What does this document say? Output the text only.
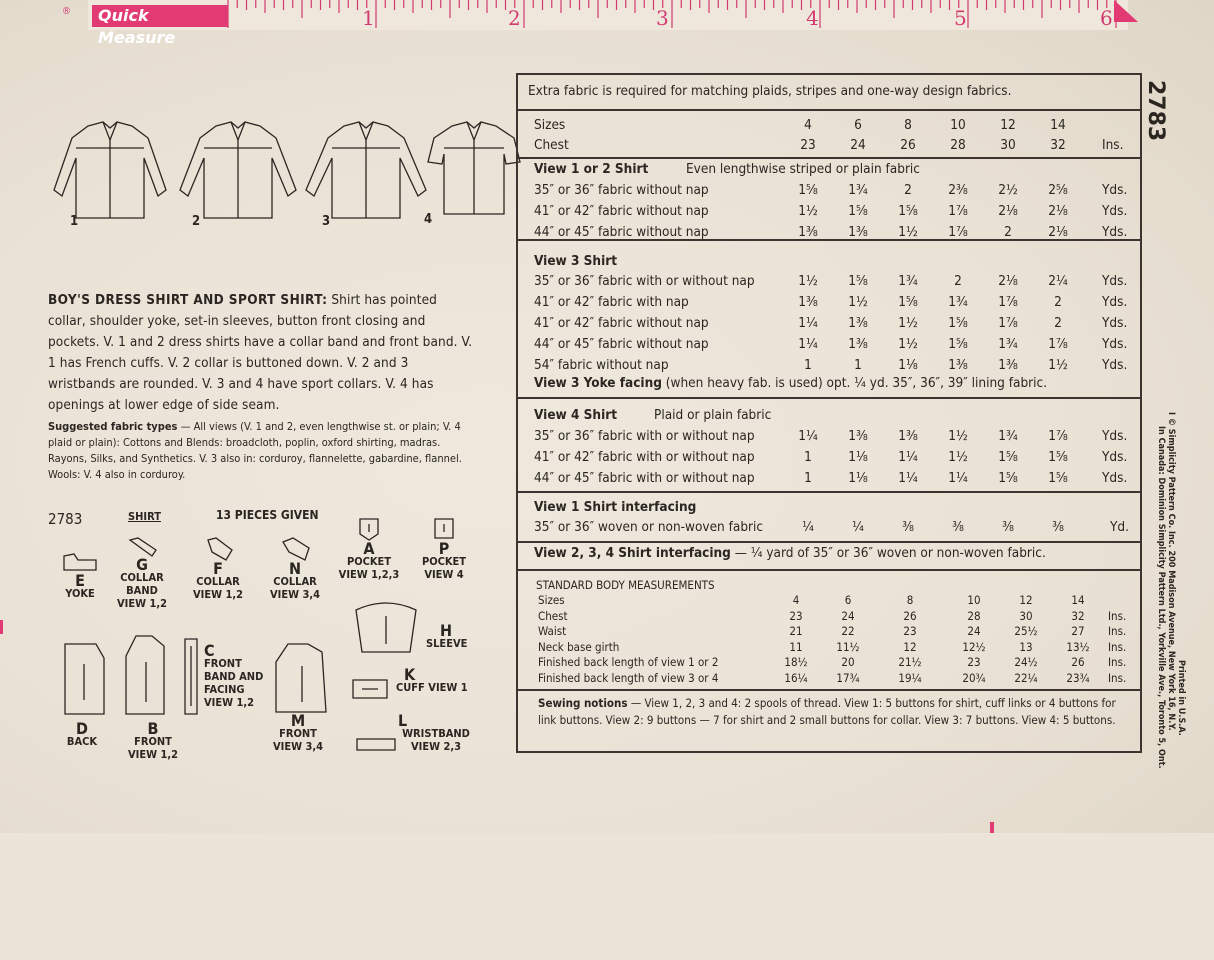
®	Quick Measure
1	2	3	4	5	6
1	2	3	4
BOY'S DRESS SHIRT AND SPORT SHIRT: Shirt has pointed collar, shoulder yoke, set-in sleeves, button front closing and pockets. V. 1 and 2 dress shirts have a collar band and front band. V. 1 has French cuffs. V. 2 collar is buttoned down. V. 2 and 3 wristbands are rounded. V. 3 and 4 have sport collars. V. 4 has openings at lower edge of side seam.
Suggested fabric types — All views (V. 1 and 2, even lengthwise st. or plain; V. 4 plaid or plain): Cottons and Blends: broadcloth, poplin, oxford shirting, madras. Rayons, Silks, and Synthetics. V. 3 also in: corduroy, flannelette, gabardine, flannel. Wools: V. 4 also in corduroy.
2783	SHIRT	13 PIECES GIVEN
E
YOKE
G
COLLAR BAND
VIEW 1,2
F
COLLAR
VIEW 1,2
N
COLLAR
VIEW 3,4
A
POCKET
VIEW 1,2,3
P
POCKET
VIEW 4
H
SLEEVE
K
CUFF VIEW 1
L
WRISTBAND
VIEW 2,3
D
BACK
B
FRONT
VIEW 1,2
C
FRONT BAND AND FACING
VIEW 1,2
M
FRONT
VIEW 3,4
Extra fabric is required for matching plaids, stripes and one-way design fabrics.
Sizes
Chest
4	6	8	10	12	14
23	24	26	28	30	32	Ins.
View 1 or 2 Shirt	Even lengthwise striped or plain fabric
35″ or 36″ fabric without nap	1⅝ 1¾	2	2⅜ 2½ 2⅝	Yds.
41″ or 42″ fabric without nap	1½ 1⅝ 1⅝ 1⅞ 2⅛ 2⅛	Yds.
44″ or 45″ fabric without nap	1⅜ 1⅜ 1½ 1⅞	2	2⅛	Yds.
View 3 Shirt
35″ or 36″ fabric with or without nap	1½ 1⅝ 1¾	2	2⅛ 2¼	Yds.
41″ or 42″ fabric with nap	1⅜ 1½ 1⅝ 1¾ 1⅞	2	Yds.
41″ or 42″ fabric without nap	1¼ 1⅜ 1½ 1⅝ 1⅞	2	Yds.
44″ or 45″ fabric without nap	1¼ 1⅜ 1½ 1⅝ 1¾ 1⅞	Yds.
54″ fabric without nap	1	1	1⅛ 1⅜ 1⅜ 1½	Yds.
View 3 Yoke facing (when heavy fab. is used) opt. ¼ yd. 35″, 36″, 39″ lining fabric.
View 4 Shirt	Plaid or plain fabric
35″ or 36″ fabric with or without nap	1¼ 1⅜ 1⅜ 1½ 1¾ 1⅞	Yds.
41″ or 42″ fabric with or without nap	1	1⅛ 1¼ 1½ 1⅝ 1⅝	Yds.
44″ or 45″ fabric with or without nap	1	1⅛ 1¼ 1¼ 1⅝ 1⅝	Yds.
View 1 Shirt interfacing
35″ or 36″ woven or non-woven fabric	¼	¼	⅜	⅜	⅜	⅜	Yd.
View 2, 3, 4 Shirt interfacing — ¼ yard of 35″ or 36″ woven or non-woven fabric.
STANDARD BODY MEASUREMENTS
Sizes	4	6	8	10	12	14
Chest	23	24	26	28	30	32	Ins.
Waist	21	22	23	24	25½	27	Ins.
Neck base girth	11	11½	12	12½	13	13½ Ins.
Finished back length of view 1 or 2	18½	20	21½	23	24½	26	Ins.
Finished back length of view 3 or 4	16¼	17¾	19¼	20¾	22¼	23¾ Ins.
Sewing notions — View 1, 2, 3 and 4: 2 spools of thread. View 1: 5 buttons for shirt, cuff links or 4 buttons for link buttons. View 2: 9 buttons — 7 for shirt and 2 small buttons for collar. View 3: 7 buttons. View 4: 5 buttons.
2783
Printed in U.S.A.
I © Simplicity Pattern Co. Inc. 200 Madison Avenue, New York 16, N.Y.
In Canada: Dominion Simplicity Pattern Ltd., Yorkville Ave., Toronto 5, Ont.
